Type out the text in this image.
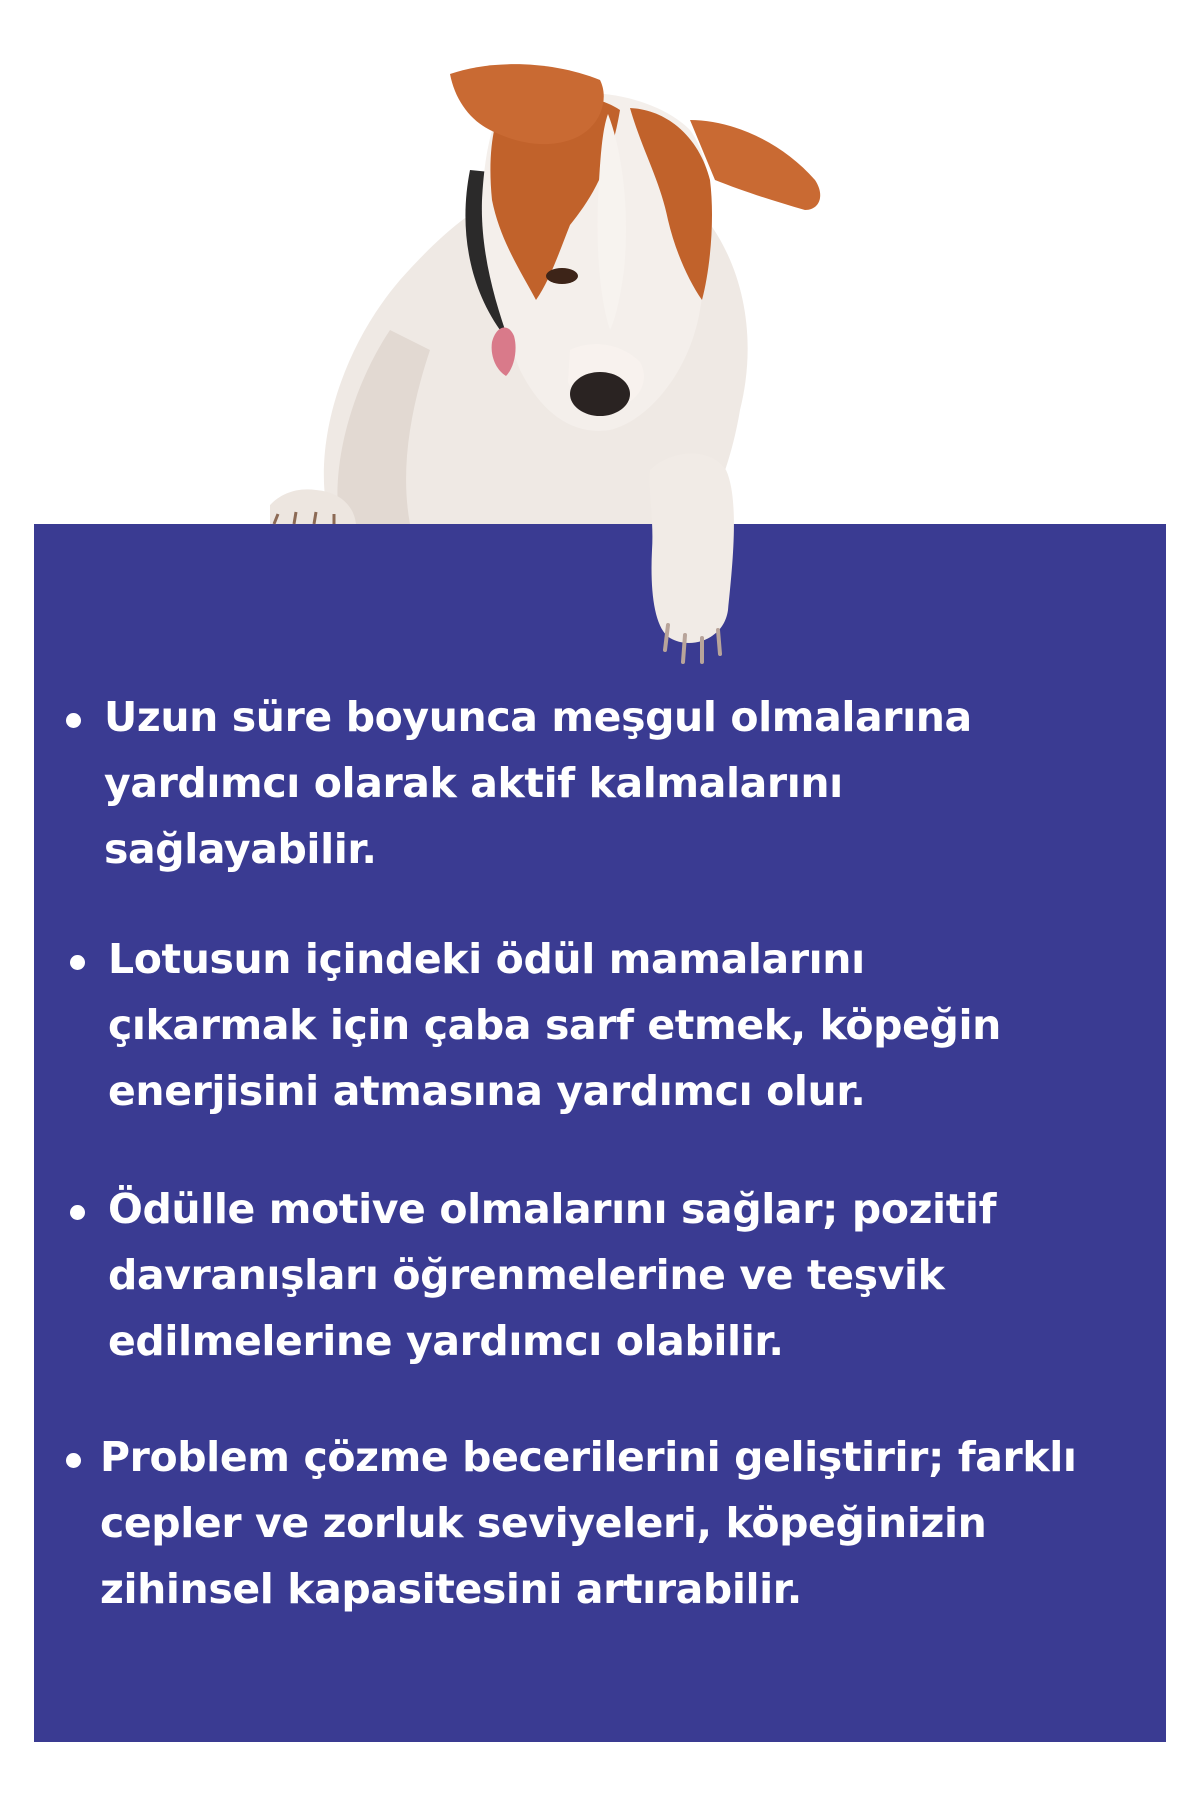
Uzun süre boyunca meşgul olmalarına
yardımcı olarak aktif kalmalarını
sağlayabilir.
Lotusun içindeki ödül mamalarını
çıkarmak için çaba sarf etmek, köpeğin
enerjisini atmasına yardımcı olur.
Ödülle motive olmalarını sağlar; pozitif
davranışları öğrenmelerine ve teşvik
edilmelerine yardımcı olabilir.
Problem çözme becerilerini geliştirir; farklı
cepler ve zorluk seviyeleri, köpeğinizin
zihinsel kapasitesini artırabilir.
